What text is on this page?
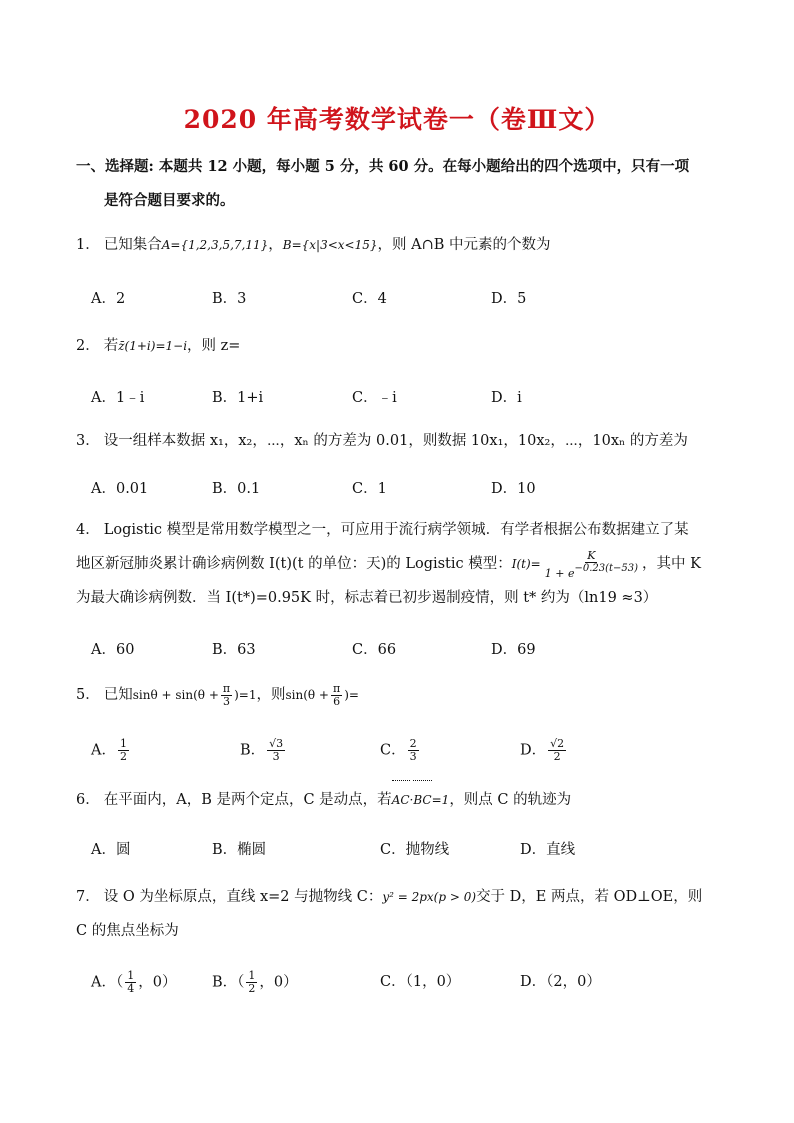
2020 年高考数学试卷一（卷Ⅲ文）
一、选择题: 本题共 12 小题，每小题 5 分，共 60 分。在每小题给出的四个选项中，只有一项
是符合题目要求的。
1． 已知集合A={1,2,3,5,7,11}，B={x|3<x<15}，则 A∩B 中元素的个数为
A．2	B．3	C．4	D．5
2． 若z̄(1+i)=1−i，则 z=
A．1﹣i	B．1+i	C．﹣i	D．i
3． 设一组样本数据 x₁，x₂，⋯，xₙ 的方差为 0.01，则数据 10x₁，10x₂，⋯，10xₙ 的方差为
A．0.01	B．0.1	C．1	D．10
4． Logistic 模型是常用数学模型之一，可应用于流行病学领城．有学者根据公布数据建立了某
地区新冠肺炎累计确诊病例数 I(t)(t 的单位：天)的 Logistic 模型：$I(t)= \frac{K}{1 + e-0.23(t-53)}$ ，其中 K
为最大确诊病例数．当 I(t*)=0.95K 时，标志着已初步遏制疫情，则 t* 约为（ln19 ≈3）
A．60	B．63	C．66	D．69
5． 已知$\sin\theta + \sin(\theta + \frac{\pi}{3} )=1$，则$\sin(\theta + \frac{\pi}{6}$ )=
A． $\frac{1}{2}$	B． $\frac{√3}{3}$	C． $\frac{2}{3}$	D． $\frac{√2}{2}$
6． 在平面内，A，B 是两个定点，C 是动点，若AC·BC=1，则点 C 的轨迹为
A．圆	B．椭圆	C．抛物线	D．直线
7． 设 O 为坐标原点，直线 x=2 与抛物线 C：y² = 2px(p > 0)交于 D，E 两点，若 OD⊥OE，则
C 的焦点坐标为
A．（ $\frac{1}{4}$ ，0） B．（ $\frac{1}{2}$ ，0）	C．（1，0）	D．（2，0）
